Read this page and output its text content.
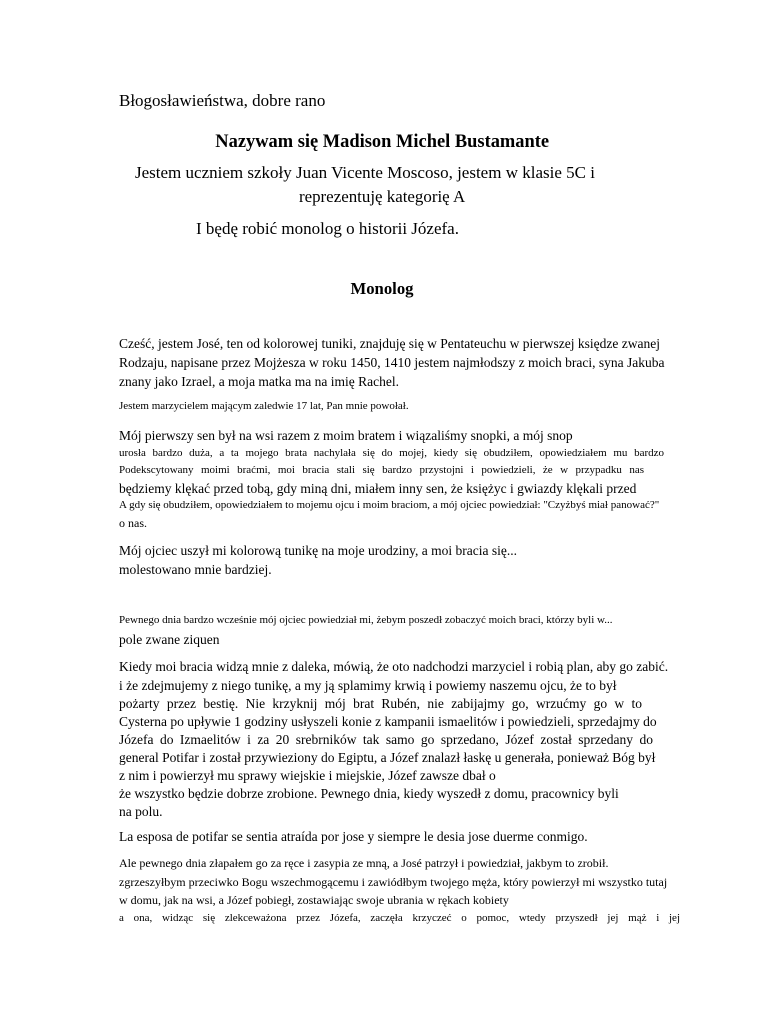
Błogosławieństwa, dobre rano

Nazywam się Madison Michel Bustamante

Jestem uczniem szkoły Juan Vicente Moscoso, jestem w klasie 5C i

reprezentuję kategorię A

I będę robić monolog o historii Józefa.

Monolog

Cześć, jestem José, ten od kolorowej tuniki, znajduję się w Pentateuchu w pierwszej księdze zwanej

Rodzaju, napisane przez Mojżesza w roku 1450, 1410 jestem najmłodszy z moich braci, syna Jakuba

znany jako Izrael, a moja matka ma na imię Rachel.

Jestem marzycielem mającym zaledwie 17 lat, Pan mnie powołał.

Mój pierwszy sen był na wsi razem z moim bratem i wiązaliśmy snopki, a mój snop

urosła bardzo duża, a ta mojego brata nachylała się do mojej, kiedy się obudziłem, opowiedziałem mu bardzo

Podekscytowany moimi braćmi, moi bracia stali się bardzo przystojni i powiedzieli, że w przypadku nas

będziemy klękać przed tobą, gdy miną dni, miałem inny sen, że księżyc i gwiazdy klękali przed

A gdy się obudziłem, opowiedziałem to mojemu ojcu i moim braciom, a mój ojciec powiedział: "Czyżbyś miał panować?"

o nas.

Mój ojciec uszył mi kolorową tunikę na moje urodziny, a moi bracia się...

molestowano mnie bardziej.

Pewnego dnia bardzo wcześnie mój ojciec powiedział mi, żebym poszedł zobaczyć moich braci, którzy byli w...

pole zwane ziquen

Kiedy moi bracia widzą mnie z daleka, mówią, że oto nadchodzi marzyciel i robią plan, aby go zabić.

i że zdejmujemy z niego tunikę, a my ją splamimy krwią i powiemy naszemu ojcu, że to był

pożarty przez bestię. Nie krzyknij mój brat Rubén, nie zabijajmy go, wrzućmy go w to

Cysterna po upływie 1 godziny usłyszeli konie z kampanii ismaelitów i powiedzieli, sprzedajmy do

Józefa do Izmaelitów i za 20 srebrników tak samo go sprzedano, Józef został sprzedany do

general Potifar i został przywieziony do Egiptu, a Józef znalazł łaskę u generała, ponieważ Bóg był

z nim i powierzył mu sprawy wiejskie i miejskie, Józef zawsze dbał o

że wszystko będzie dobrze zrobione. Pewnego dnia, kiedy wyszedł z domu, pracownicy byli

na polu.

La esposa de potifar se sentia atraída por jose y siempre le desia jose duerme conmigo.

Ale pewnego dnia złapałem go za ręce i zasypia ze mną, a José patrzył i powiedział, jakbym to zrobił.

zgrzeszyłbym przeciwko Bogu wszechmogącemu i zawiódłbym twojego męża, który powierzył mi wszystko tutaj

w domu, jak na wsi, a Józef pobiegł, zostawiając swoje ubrania w rękach kobiety

a ona, widząc się zlekceważona przez Józefa, zaczęła krzyczeć o pomoc, wtedy przyszedł jej mąż i jej
